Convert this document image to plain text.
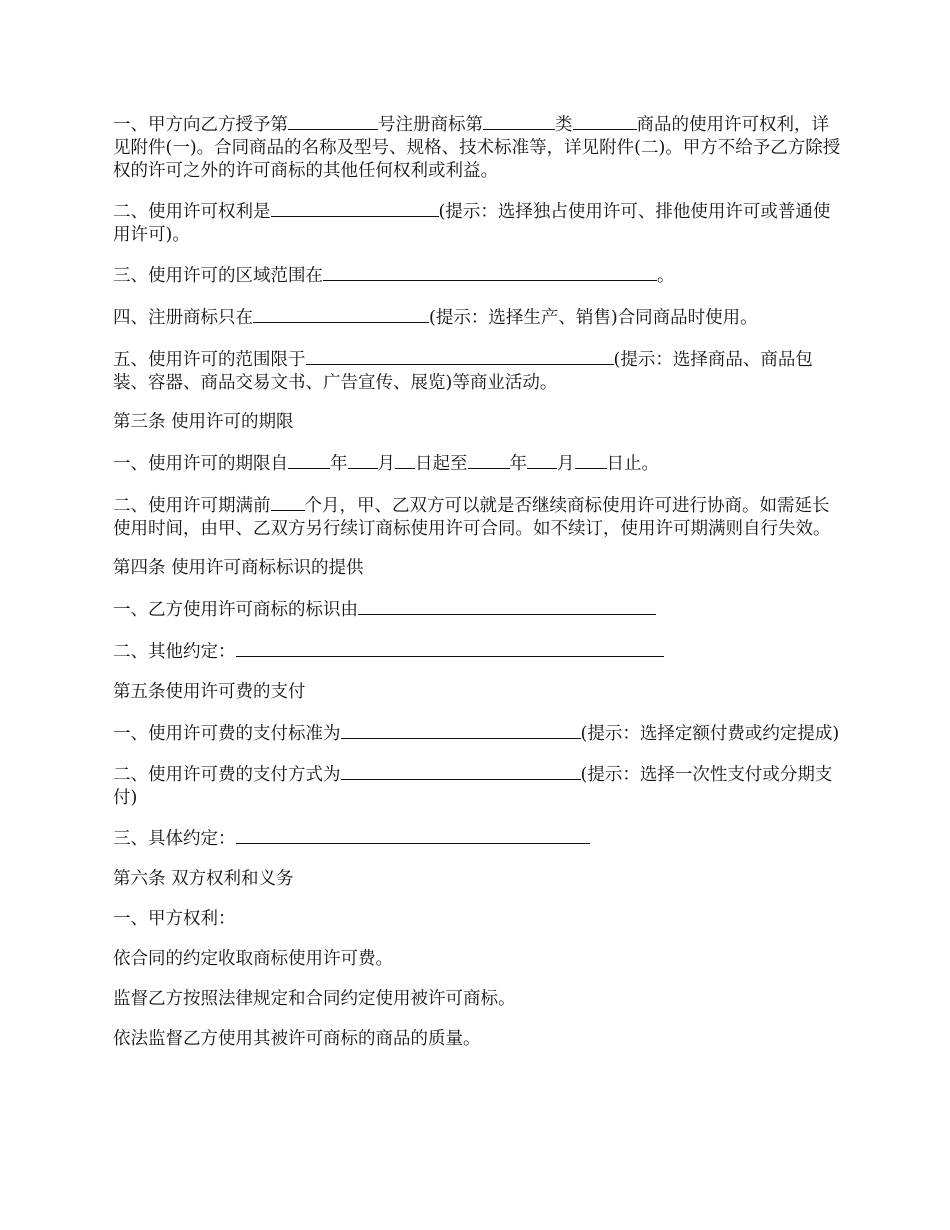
一、甲方向乙方授予第	号注册商标第	类	商品的使用许可权利，详见附件(一)。合同商品的名称及型号、规格、技术标准等，详见附件(二)。甲方不给予乙方除授权的许可之外的许可商标的其他任何权利或利益。

二、使用许可权利是	(提示：选择独占使用许可、排他使用许可或普通使用许可)。

三、使用许可的区域范围在	。

四、注册商标只在	(提示：选择生产、销售)合同商品时使用。

五、使用许可的范围限于	(提示：选择商品、商品包装、容器、商品交易文书、广告宣传、展览)等商业活动。

第三条 使用许可的期限

一、使用许可的期限自 年 月 日起至 年 月 日止。

二、使用许可期满前 个月，甲、乙双方可以就是否继续商标使用许可进行协商。如需延长使用时间，由甲、乙双方另行续订商标使用许可合同。如不续订，使用许可期满则自行失效。

第四条 使用许可商标标识的提供

一、乙方使用许可商标的标识由

二、其他约定：

第五条使用许可费的支付

一、使用许可费的支付标准为	(提示：选择定额付费或约定提成)

二、使用许可费的支付方式为	(提示：选择一次性支付或分期支付)

三、具体约定：

第六条 双方权利和义务

一、甲方权利：

依合同的约定收取商标使用许可费。

监督乙方按照法律规定和合同约定使用被许可商标。

依法监督乙方使用其被许可商标的商品的质量。
